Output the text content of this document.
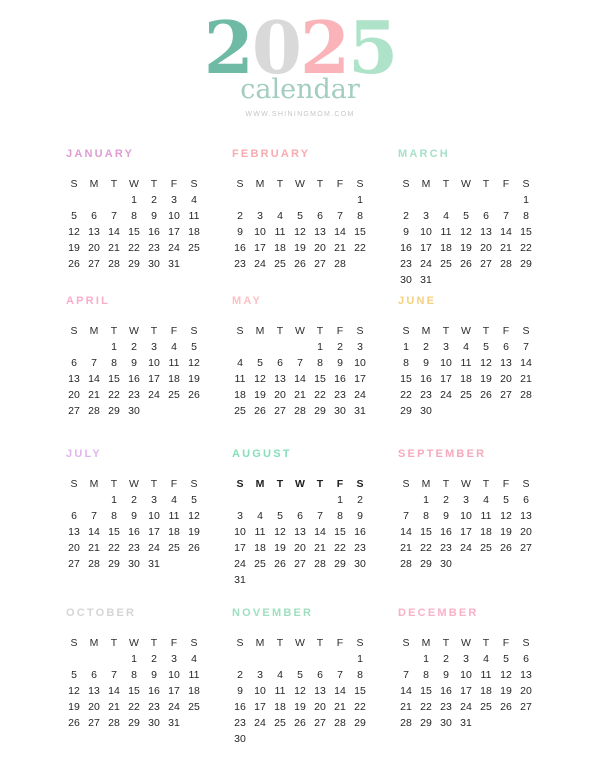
2025
calendar
WWW.SHININGMOM.COM
JANUARY
S	M	T	W	T	F	S
			1	2	3	4
5	6	7	8	9	10	11
12	13	14	15	16	17	18
19	20	21	22	23	24	25
26	27	28	29	30	31	
FEBRUARY
S	M	T	W	T	F	S
						1
2	3	4	5	6	7	8
9	10	11	12	13	14	15
16	17	18	19	20	21	22
23	24	25	26	27	28	
MARCH
S	M	T	W	T	F	S
						1
2	3	4	5	6	7	8
9	10	11	12	13	14	15
16	17	18	19	20	21	22
23	24	25	26	27	28	29
30	31					
APRIL
S	M	T	W	T	F	S
		1	2	3	4	5
6	7	8	9	10	11	12
13	14	15	16	17	18	19
20	21	22	23	24	25	26
27	28	29	30			
MAY
S	M	T	W	T	F	S
				1	2	3
4	5	6	7	8	9	10
11	12	13	14	15	16	17
18	19	20	21	22	23	24
25	26	27	28	29	30	31
JUNE
S	M	T	W	T	F	S
1	2	3	4	5	6	7
8	9	10	11	12	13	14
15	16	17	18	19	20	21
22	23	24	25	26	27	28
29	30					
JULY
S	M	T	W	T	F	S
		1	2	3	4	5
6	7	8	9	10	11	12
13	14	15	16	17	18	19
20	21	22	23	24	25	26
27	28	29	30	31		
AUGUST
S	M	T	W	T	F	S
					1	2
3	4	5	6	7	8	9
10	11	12	13	14	15	16
17	18	19	20	21	22	23
24	25	26	27	28	29	30
31						
SEPTEMBER
S	M	T	W	T	F	S
	1	2	3	4	5	6
7	8	9	10	11	12	13
14	15	16	17	18	19	20
21	22	23	24	25	26	27
28	29	30				
OCTOBER
S	M	T	W	T	F	S
			1	2	3	4
5	6	7	8	9	10	11
12	13	14	15	16	17	18
19	20	21	22	23	24	25
26	27	28	29	30	31	
NOVEMBER
S	M	T	W	T	F	S
						1
2	3	4	5	6	7	8
9	10	11	12	13	14	15
16	17	18	19	20	21	22
23	24	25	26	27	28	29
30						
DECEMBER
S	M	T	W	T	F	S
	1	2	3	4	5	6
7	8	9	10	11	12	13
14	15	16	17	18	19	20
21	22	23	24	25	26	27
28	29	30	31			
